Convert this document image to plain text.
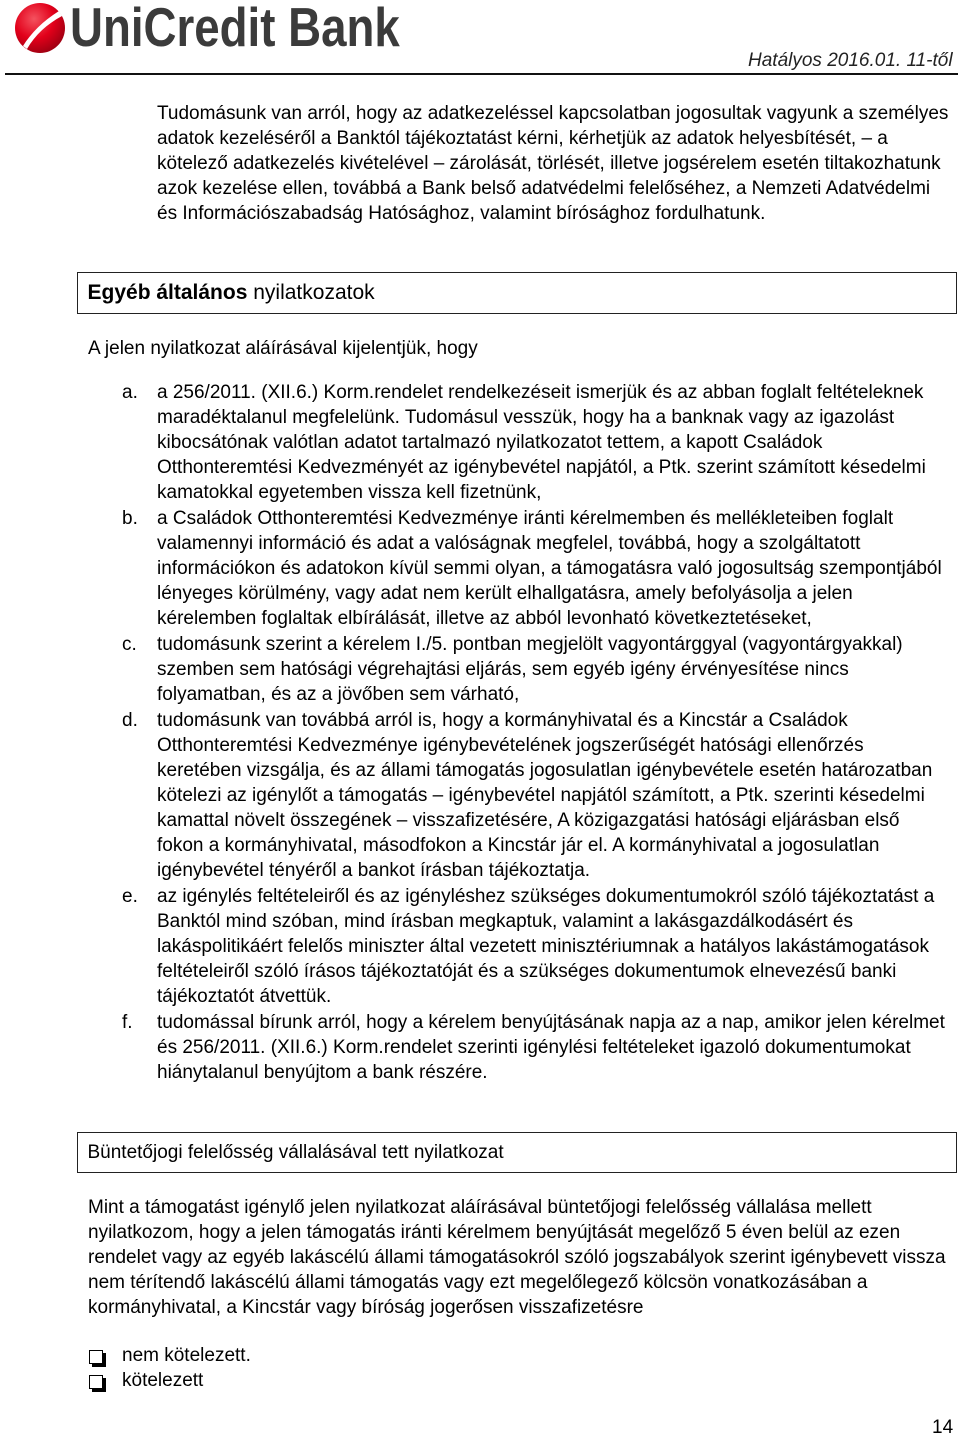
UniCredit Bank
Hatályos 2016.01. 11-től
Tudomásunk van arról, hogy az adatkezeléssel kapcsolatban jogosultak vagyunk a személyes
adatok kezeléséről a Banktól tájékoztatást kérni, kérhetjük az adatok helyesbítését, – a
kötelező adatkezelés kivételével – zárolását, törlését, illetve jogsérelem esetén tiltakozhatunk
azok kezelése ellen, továbbá a Bank belső adatvédelmi felelőséhez, a Nemzeti Adatvédelmi
és Információszabadság Hatósághoz, valamint bírósághoz fordulhatunk.
Egyéb általános nyilatkozatok
A jelen nyilatkozat aláírásával kijelentjük, hogy
a. a 256/2011. (XII.6.) Korm.rendelet rendelkezéseit ismerjük és az abban foglalt feltételeknek
maradéktalanul megfelelünk. Tudomásul vesszük, hogy ha a banknak vagy az igazolást
kibocsátónak valótlan adatot tartalmazó nyilatkozatot tettem, a kapott Családok
Otthonteremtési Kedvezményét az igénybevétel napjától, a Ptk. szerint számított késedelmi
kamatokkal egyetemben vissza kell fizetnünk,
b. a Családok Otthonteremtési Kedvezménye iránti kérelmemben és mellékleteiben foglalt
valamennyi információ és adat a valóságnak megfelel, továbbá, hogy a szolgáltatott
információkon és adatokon kívül semmi olyan, a támogatásra való jogosultság szempontjából
lényeges körülmény, vagy adat nem került elhallgatásra, amely befolyásolja a jelen
kérelemben foglaltak elbírálását, illetve az abból levonható következtetéseket,
c. tudomásunk szerint a kérelem I./5. pontban megjelölt vagyontárggyal (vagyontárgyakkal)
szemben sem hatósági végrehajtási eljárás, sem egyéb igény érvényesítése nincs
folyamatban, és az a jövőben sem várható,
d. tudomásunk van továbbá arról is, hogy a kormányhivatal és a Kincstár a Családok
Otthonteremtési Kedvezménye igénybevételének jogszerűségét hatósági ellenőrzés
keretében vizsgálja, és az állami támogatás jogosulatlan igénybevétele esetén határozatban
kötelezi az igénylőt a támogatás – igénybevétel napjától számított, a Ptk. szerinti késedelmi
kamattal növelt összegének – visszafizetésére, A közigazgatási hatósági eljárásban első
fokon a kormányhivatal, másodfokon a Kincstár jár el. A kormányhivatal a jogosulatlan
igénybevétel tényéről a bankot írásban tájékoztatja.
e. az igénylés feltételeiről és az igényléshez szükséges dokumentumokról szóló tájékoztatást a
Banktól mind szóban, mind írásban megkaptuk, valamint a lakásgazdálkodásért és
lakáspolitikáért felelős miniszter által vezetett minisztériumnak a hatályos lakástámogatások
feltételeiről szóló írásos tájékoztatóját és a szükséges dokumentumok elnevezésű banki
tájékoztatót átvettük.
f. tudomással bírunk arról, hogy a kérelem benyújtásának napja az a nap, amikor jelen kérelmet
és 256/2011. (XII.6.) Korm.rendelet szerinti igénylési feltételeket igazoló dokumentumokat
hiánytalanul benyújtom a bank részére.
Büntetőjogi felelősség vállalásával tett nyilatkozat
Mint a támogatást igénylő jelen nyilatkozat aláírásával büntetőjogi felelősség vállalása mellett
nyilatkozom, hogy a jelen támogatás iránti kérelmem benyújtását megelőző 5 éven belül az ezen
rendelet vagy az egyéb lakáscélú állami támogatásokról szóló jogszabályok szerint igénybevett vissza
nem térítendő lakáscélú állami támogatás vagy ezt megelőlegező kölcsön vonatkozásában a
kormányhivatal, a Kincstár vagy bíróság jogerősen visszafizetésre
nem kötelezett.
kötelezett
14
